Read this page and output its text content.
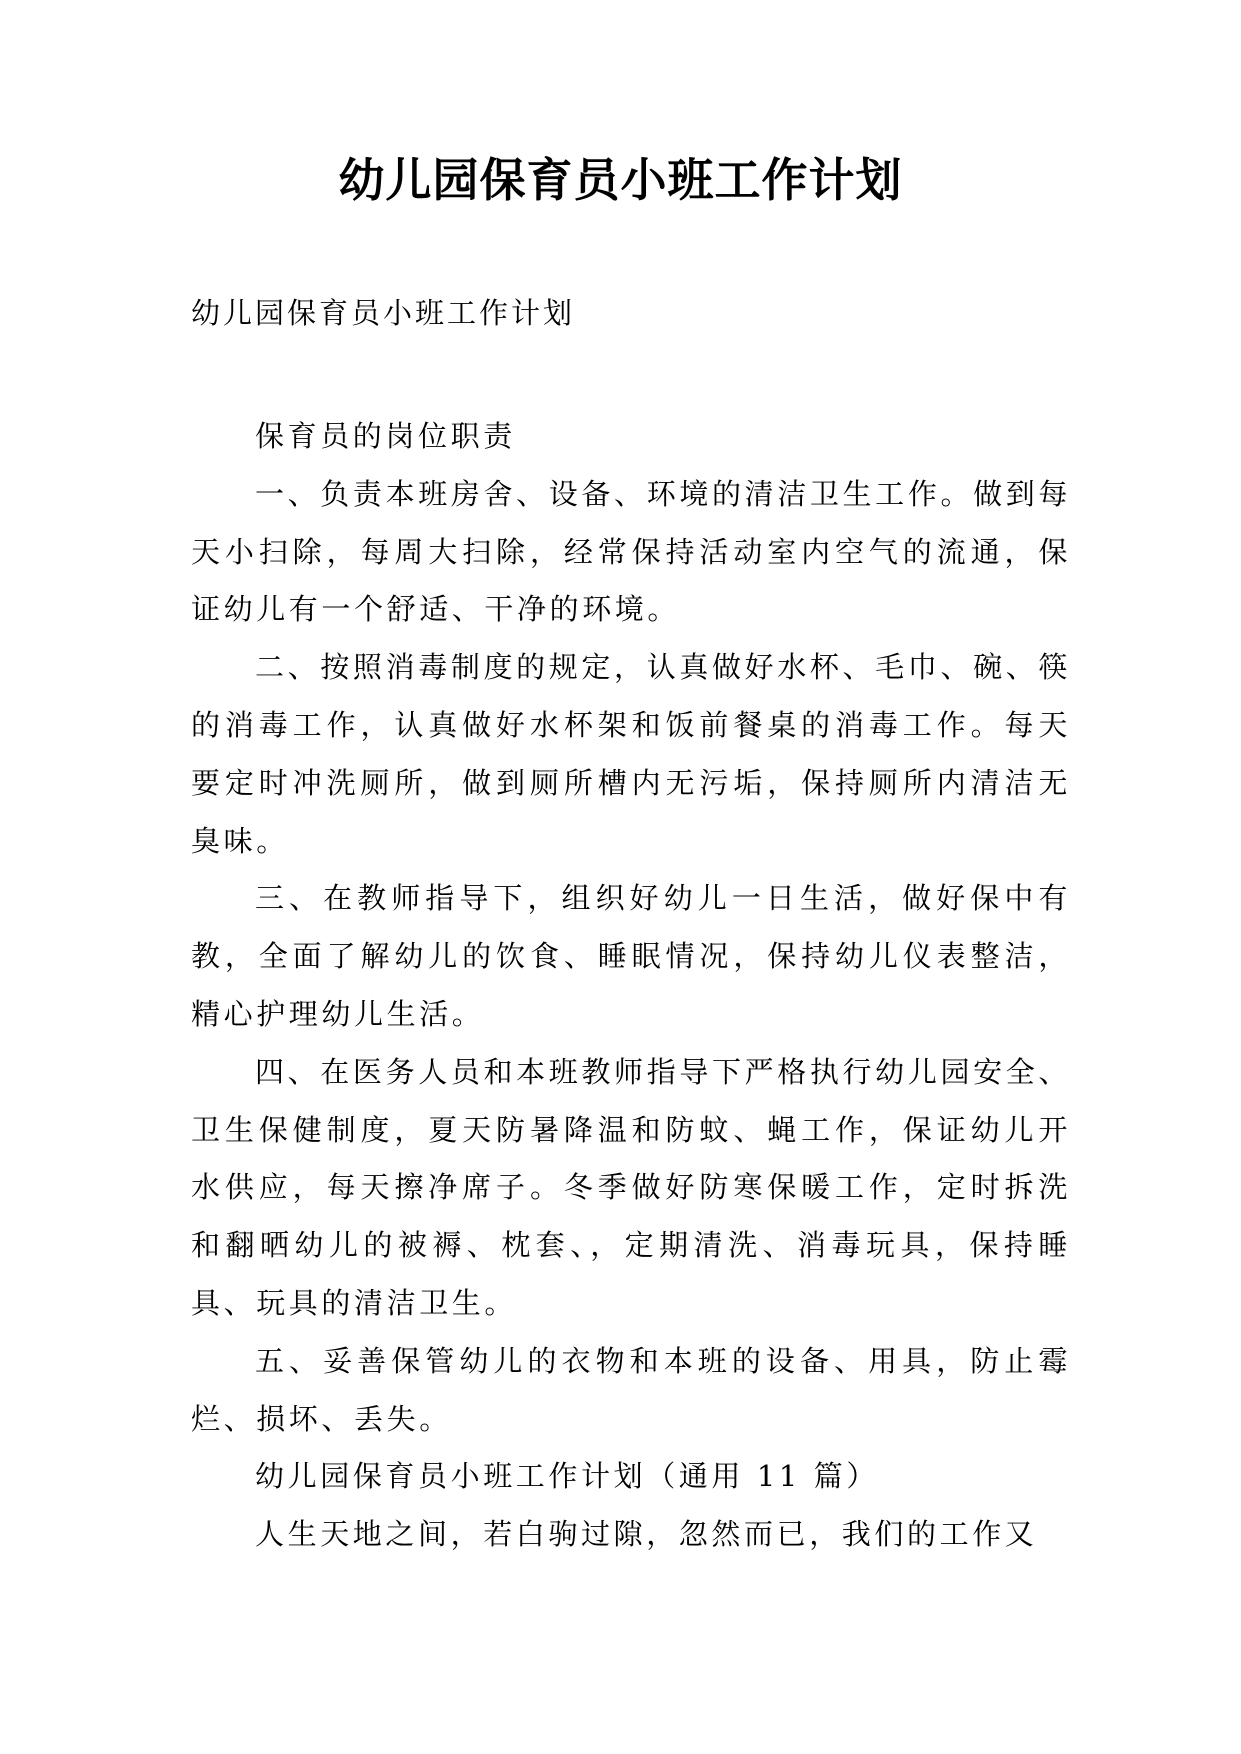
幼儿园保育员小班工作计划

幼儿园保育员小班工作计划

保育员的岗位职责

一、负责本班房舍、设备、环境的清洁卫生工作。做到每天小扫除，每周大扫除，经常保持活动室内空气的流通，保证幼儿有一个舒适、干净的环境。

二、按照消毒制度的规定，认真做好水杯、毛巾、碗、筷的消毒工作，认真做好水杯架和饭前餐桌的消毒工作。每天要定时冲洗厕所，做到厕所槽内无污垢，保持厕所内清洁无臭味。

三、在教师指导下，组织好幼儿一日生活，做好保中有教，全面了解幼儿的饮食、睡眠情况，保持幼儿仪表整洁，精心护理幼儿生活。

四、在医务人员和本班教师指导下严格执行幼儿园安全、卫生保健制度，夏天防暑降温和防蚊、蝇工作，保证幼儿开水供应，每天擦净席子。冬季做好防寒保暖工作，定时拆洗和翻晒幼儿的被褥、枕套、，定期清洗、消毒玩具，保持睡具、玩具的清洁卫生。

五、妥善保管幼儿的衣物和本班的设备、用具，防止霉烂、损坏、丢失。

幼儿园保育员小班工作计划（通用 11 篇）

人生天地之间，若白驹过隙，忽然而已，我们的工作又
